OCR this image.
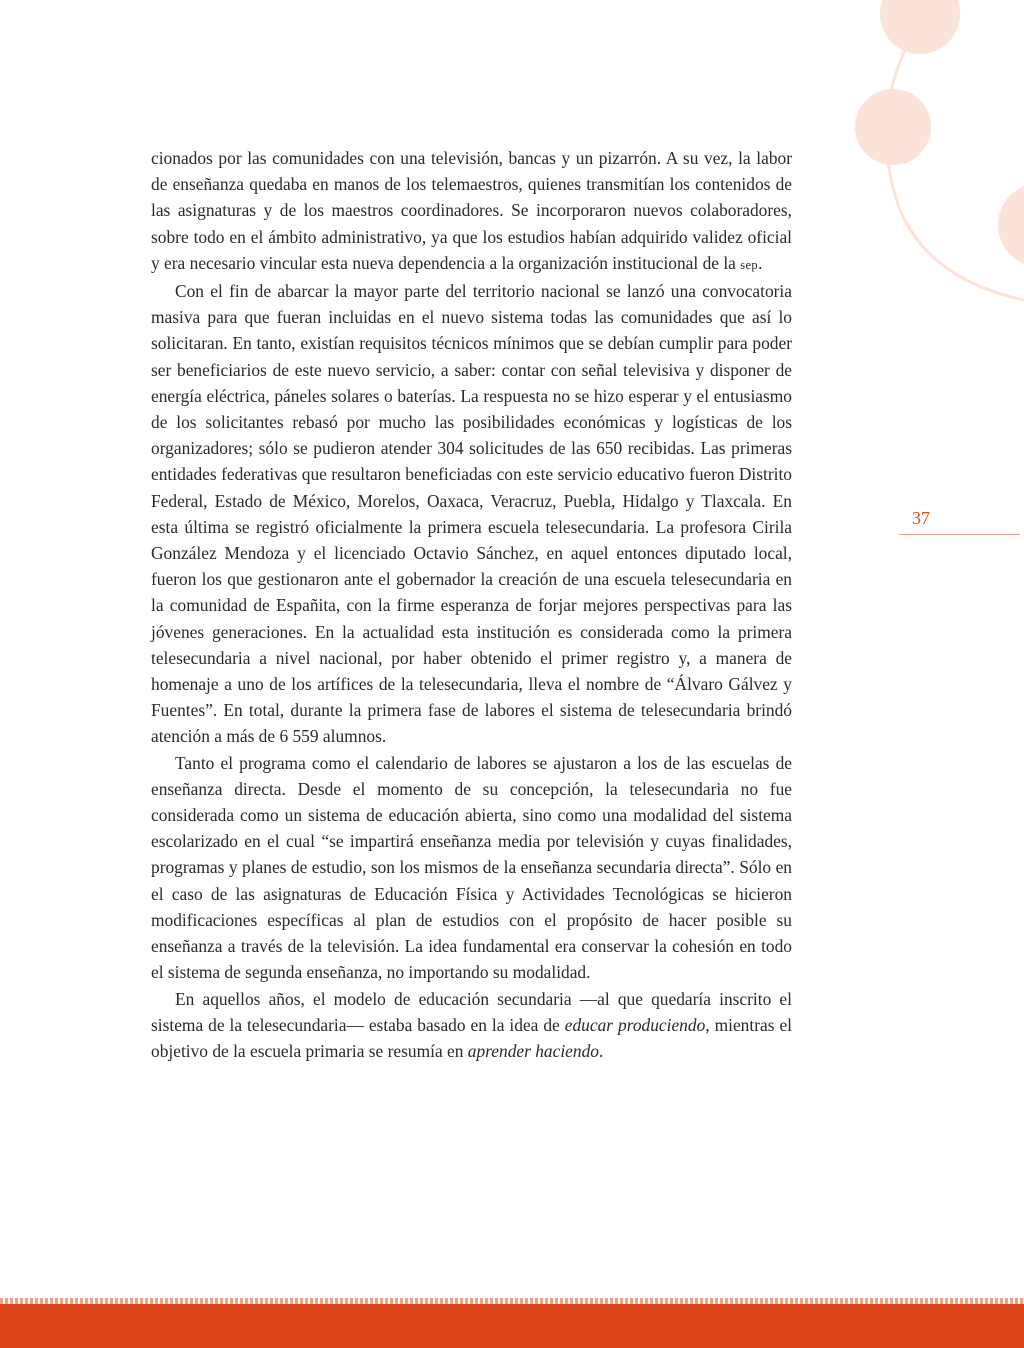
cionados por las comunidades con una televisión, bancas y un pizarrón. A su vez, la labor de enseñanza quedaba en manos de los telemaestros, quienes transmitían los contenidos de las asignaturas y de los maestros coordinadores. Se incorporaron nuevos colaboradores, sobre todo en el ámbito administrativo, ya que los estudios habían adquirido validez oficial y era necesario vincular esta nueva dependencia a la organización institucional de la sep.

Con el fin de abarcar la mayor parte del territorio nacional se lanzó una convocatoria masiva para que fueran incluidas en el nuevo sistema todas las comunidades que así lo solicitaran. En tanto, existían requisitos técnicos mínimos que se debían cumplir para poder ser beneficiarios de este nuevo servicio, a saber: contar con señal televisiva y disponer de energía eléctrica, páneles solares o baterías. La respuesta no se hizo esperar y el entusiasmo de los solicitantes rebasó por mucho las posibilidades económicas y logísticas de los organizadores; sólo se pudieron atender 304 solicitudes de las 650 recibidas. Las primeras entidades federativas que resultaron beneficiadas con este servicio educativo fueron Distrito Federal, Estado de México, Morelos, Oaxaca, Veracruz, Puebla, Hidalgo y Tlaxcala. En esta última se registró oficialmente la primera escuela telesecundaria. La profesora Cirila González Mendoza y el licenciado Octavio Sánchez, en aquel entonces diputado local, fueron los que gestionaron ante el gobernador la creación de una escuela telesecundaria en la comunidad de Españita, con la firme esperanza de forjar mejores perspectivas para las jóvenes generaciones. En la actualidad esta institución es considerada como la primera telesecundaria a nivel nacional, por haber obtenido el primer registro y, a manera de homenaje a uno de los artífices de la telesecundaria, lleva el nombre de “Álvaro Gálvez y Fuentes”. En total, durante la primera fase de labores el sistema de telesecundaria brindó atención a más de 6 559 alumnos.

Tanto el programa como el calendario de labores se ajustaron a los de las escuelas de enseñanza directa. Desde el momento de su concepción, la telesecundaria no fue considerada como un sistema de educación abierta, sino como una modalidad del sistema escolarizado en el cual “se impartirá enseñanza media por televisión y cuyas finalidades, programas y planes de estudio, son los mismos de la enseñanza secundaria directa”. Sólo en el caso de las asignaturas de Educación Física y Actividades Tecnológicas se hicieron modificaciones específicas al plan de estudios con el propósito de hacer posible su enseñanza a través de la televisión. La idea fundamental era conservar la cohesión en todo el sistema de segunda enseñanza, no importando su modalidad.

En aquellos años, el modelo de educación secundaria —al que quedaría inscrito el sistema de la telesecundaria— estaba basado en la idea de educar produciendo, mientras el objetivo de la escuela primaria se resumía en aprender haciendo.

37
